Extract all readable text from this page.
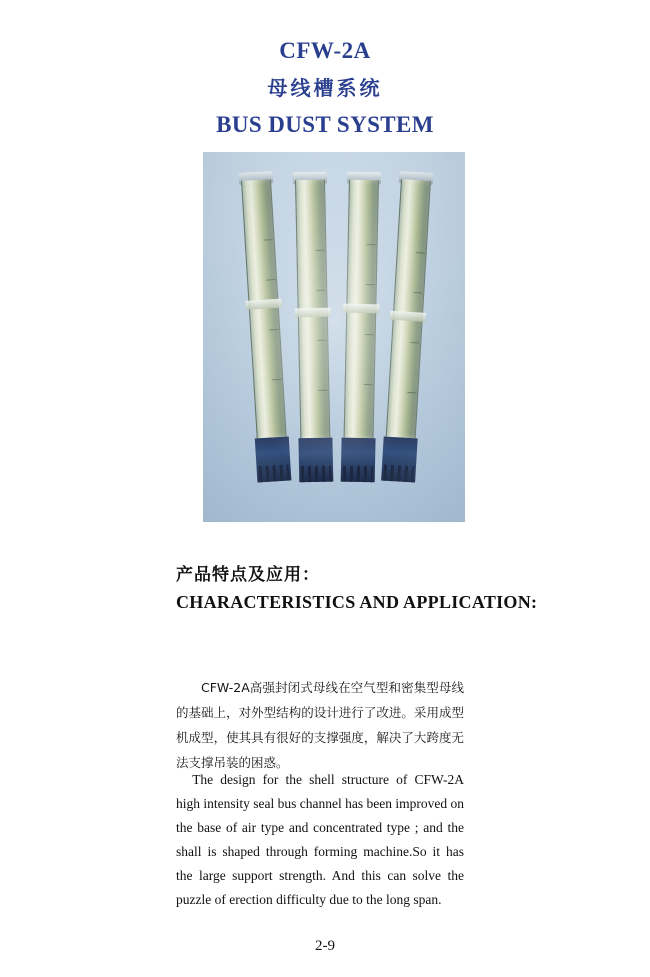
CFW-2A
母线槽系统
BUS DUST SYSTEM
产品特点及应用：
CHARACTERISTICS AND APPLICATION:
CFW-2A高强封闭式母线在空气型和密集型母线的基础上，对外型结构的设计进行了改进。采用成型机成型，使其具有很好的支撑强度，解决了大跨度无法支撑吊装的困惑。
The design for the shell structure of CFW-2A high intensity seal bus channel has been improved on the base of air type and concentrated type ; and the shall is shaped through forming machine.So it has the large support strength. And this can solve the puzzle of erection difficulty due to the long span.
2-9
